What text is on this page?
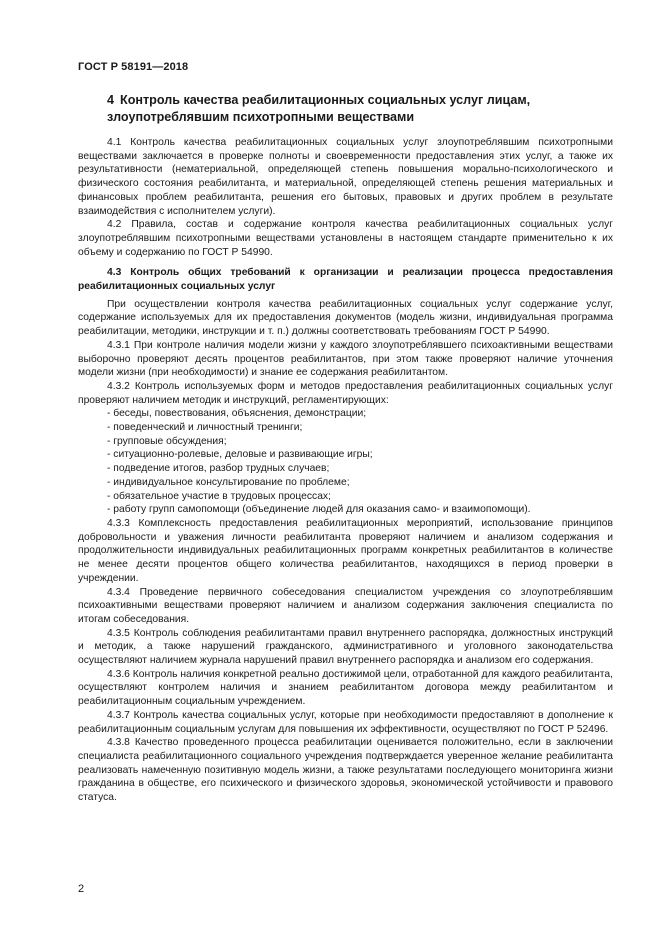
ГОСТ Р 58191—2018
4 Контроль качества реабилитационных социальных услуг лицам, злоупотреблявшим психотропными веществами

4.1 Контроль качества реабилитационных социальных услуг злоупотреблявшим психотропными веществами заключается в проверке полноты и своевременности предоставления этих услуг, а также их результативности (нематериальной, определяющей степень повышения морально-психологического и физического состояния реабилитанта, и материальной, определяющей степень решения материальных и финансовых проблем реабилитанта, решения его бытовых, правовых и других проблем в результате взаимодействия с исполнителем услуги).

4.2 Правила, состав и содержание контроля качества реабилитационных социальных услуг злоупотреблявшим психотропными веществами установлены в настоящем стандарте применительно к их объему и содержанию по ГОСТ Р 54990.

4.3 Контроль общих требований к организации и реализации процесса предоставления реабилитационных социальных услуг

При осуществлении контроля качества реабилитационных социальных услуг содержание услуг, содержание используемых для их предоставления документов (модель жизни, индивидуальная программа реабилитации, методики, инструкции и т. п.) должны соответствовать требованиям ГОСТ Р 54990.

4.3.1 При контроле наличия модели жизни у каждого злоупотреблявшего психоактивными веществами выборочно проверяют десять процентов реабилитантов, при этом также проверяют наличие уточнения модели жизни (при необходимости) и знание ее содержания реабилитантом.

4.3.2 Контроль используемых форм и методов предоставления реабилитационных социальных услуг проверяют наличием методик и инструкций, регламентирующих:

- беседы, повествования, объяснения, демонстрации;
- поведенческий и личностный тренинги;
- групповые обсуждения;
- ситуационно-ролевые, деловые и развивающие игры;
- подведение итогов, разбор трудных случаев;
- индивидуальное консультирование по проблеме;
- обязательное участие в трудовых процессах;
- работу групп самопомощи (объединение людей для оказания само- и взаимопомощи).

4.3.3 Комплексность предоставления реабилитационных мероприятий, использование принципов добровольности и уважения личности реабилитанта проверяют наличием и анализом содержания и продолжительности индивидуальных реабилитационных программ конкретных реабилитантов в количестве не менее десяти процентов общего количества реабилитантов, находящихся в период проверки в учреждении.

4.3.4 Проведение первичного собеседования специалистом учреждения со злоупотреблявшим психоактивными веществами проверяют наличием и анализом содержания заключения специалиста по итогам собеседования.

4.3.5 Контроль соблюдения реабилитантами правил внутреннего распорядка, должностных инструкций и методик, а также нарушений гражданского, административного и уголовного законодательства осуществляют наличием журнала нарушений правил внутреннего распорядка и анализом его содержания.

4.3.6 Контроль наличия конкретной реально достижимой цели, отработанной для каждого реабилитанта, осуществляют контролем наличия и знанием реабилитантом договора между реабилитантом и реабилитационным социальным учреждением.

4.3.7 Контроль качества социальных услуг, которые при необходимости предоставляют в дополнение к реабилитационным социальным услугам для повышения их эффективности, осуществляют по ГОСТ Р 52496.

4.3.8 Качество проведенного процесса реабилитации оценивается положительно, если в заключении специалиста реабилитационного социального учреждения подтверждается уверенное желание реабилитанта реализовать намеченную позитивную модель жизни, а также результатами последующего мониторинга жизни гражданина в обществе, его психического и физического здоровья, экономической устойчивости и правового статуса.

2
